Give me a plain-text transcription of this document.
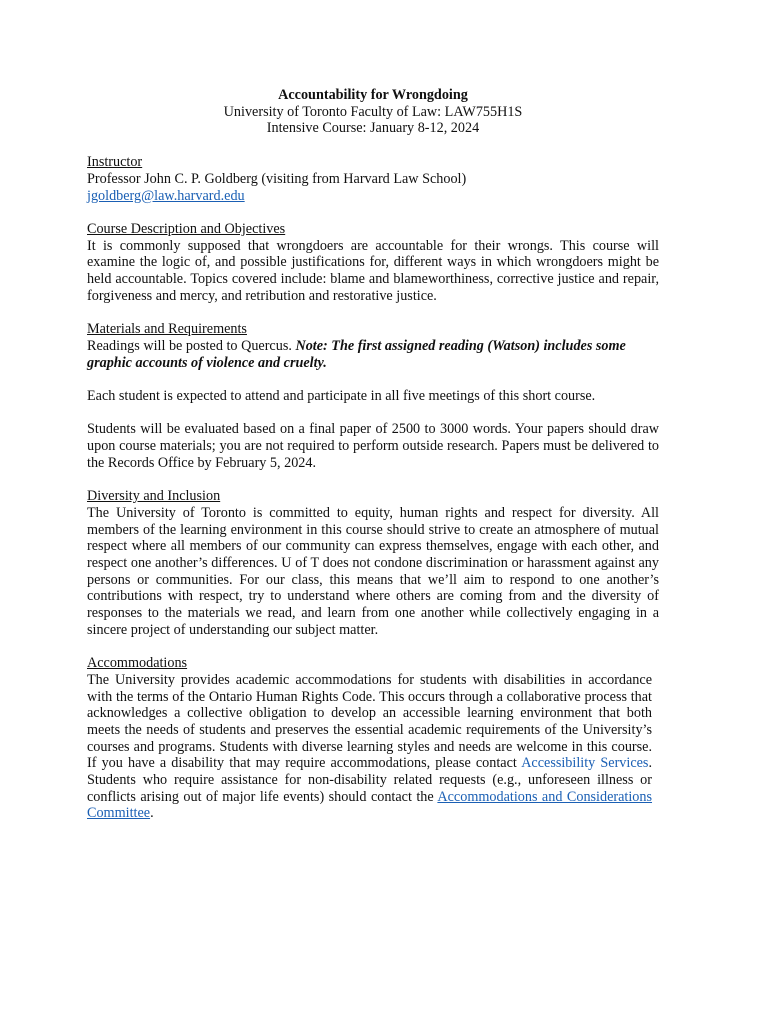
Accountability for Wrongdoing
University of Toronto Faculty of Law: LAW755H1S
Intensive Course: January 8-12, 2024
Instructor
Professor John C. P. Goldberg (visiting from Harvard Law School)
jgoldberg@law.harvard.edu
Course Description and Objectives
It is commonly supposed that wrongdoers are accountable for their wrongs. This course will examine the logic of, and possible justifications for, different ways in which wrongdoers might be held accountable. Topics covered include: blame and blameworthiness, corrective justice and repair, forgiveness and mercy, and retribution and restorative justice.
Materials and Requirements
Readings will be posted to Quercus. Note: The first assigned reading (Watson) includes some graphic accounts of violence and cruelty.
Each student is expected to attend and participate in all five meetings of this short course.
Students will be evaluated based on a final paper of 2500 to 3000 words. Your papers should draw upon course materials; you are not required to perform outside research. Papers must be delivered to the Records Office by February 5, 2024.
Diversity and Inclusion
The University of Toronto is committed to equity, human rights and respect for diversity. All members of the learning environment in this course should strive to create an atmosphere of mutual respect where all members of our community can express themselves, engage with each other, and respect one another’s differences. U of T does not condone discrimination or harassment against any persons or communities. For our class, this means that we’ll aim to respond to one another’s contributions with respect, try to understand where others are coming from and the diversity of responses to the materials we read, and learn from one another while collectively engaging in a sincere project of understanding our subject matter.
Accommodations
The University provides academic accommodations for students with disabilities in accordance with the terms of the Ontario Human Rights Code. This occurs through a collaborative process that acknowledges a collective obligation to develop an accessible learning environment that both meets the needs of students and preserves the essential academic requirements of the University’s courses and programs. Students with diverse learning styles and needs are welcome in this course. If you have a disability that may require accommodations, please contact Accessibility Services. Students who require assistance for non-disability related requests (e.g., unforeseen illness or conflicts arising out of major life events) should contact the Accommodations and Considerations Committee.
